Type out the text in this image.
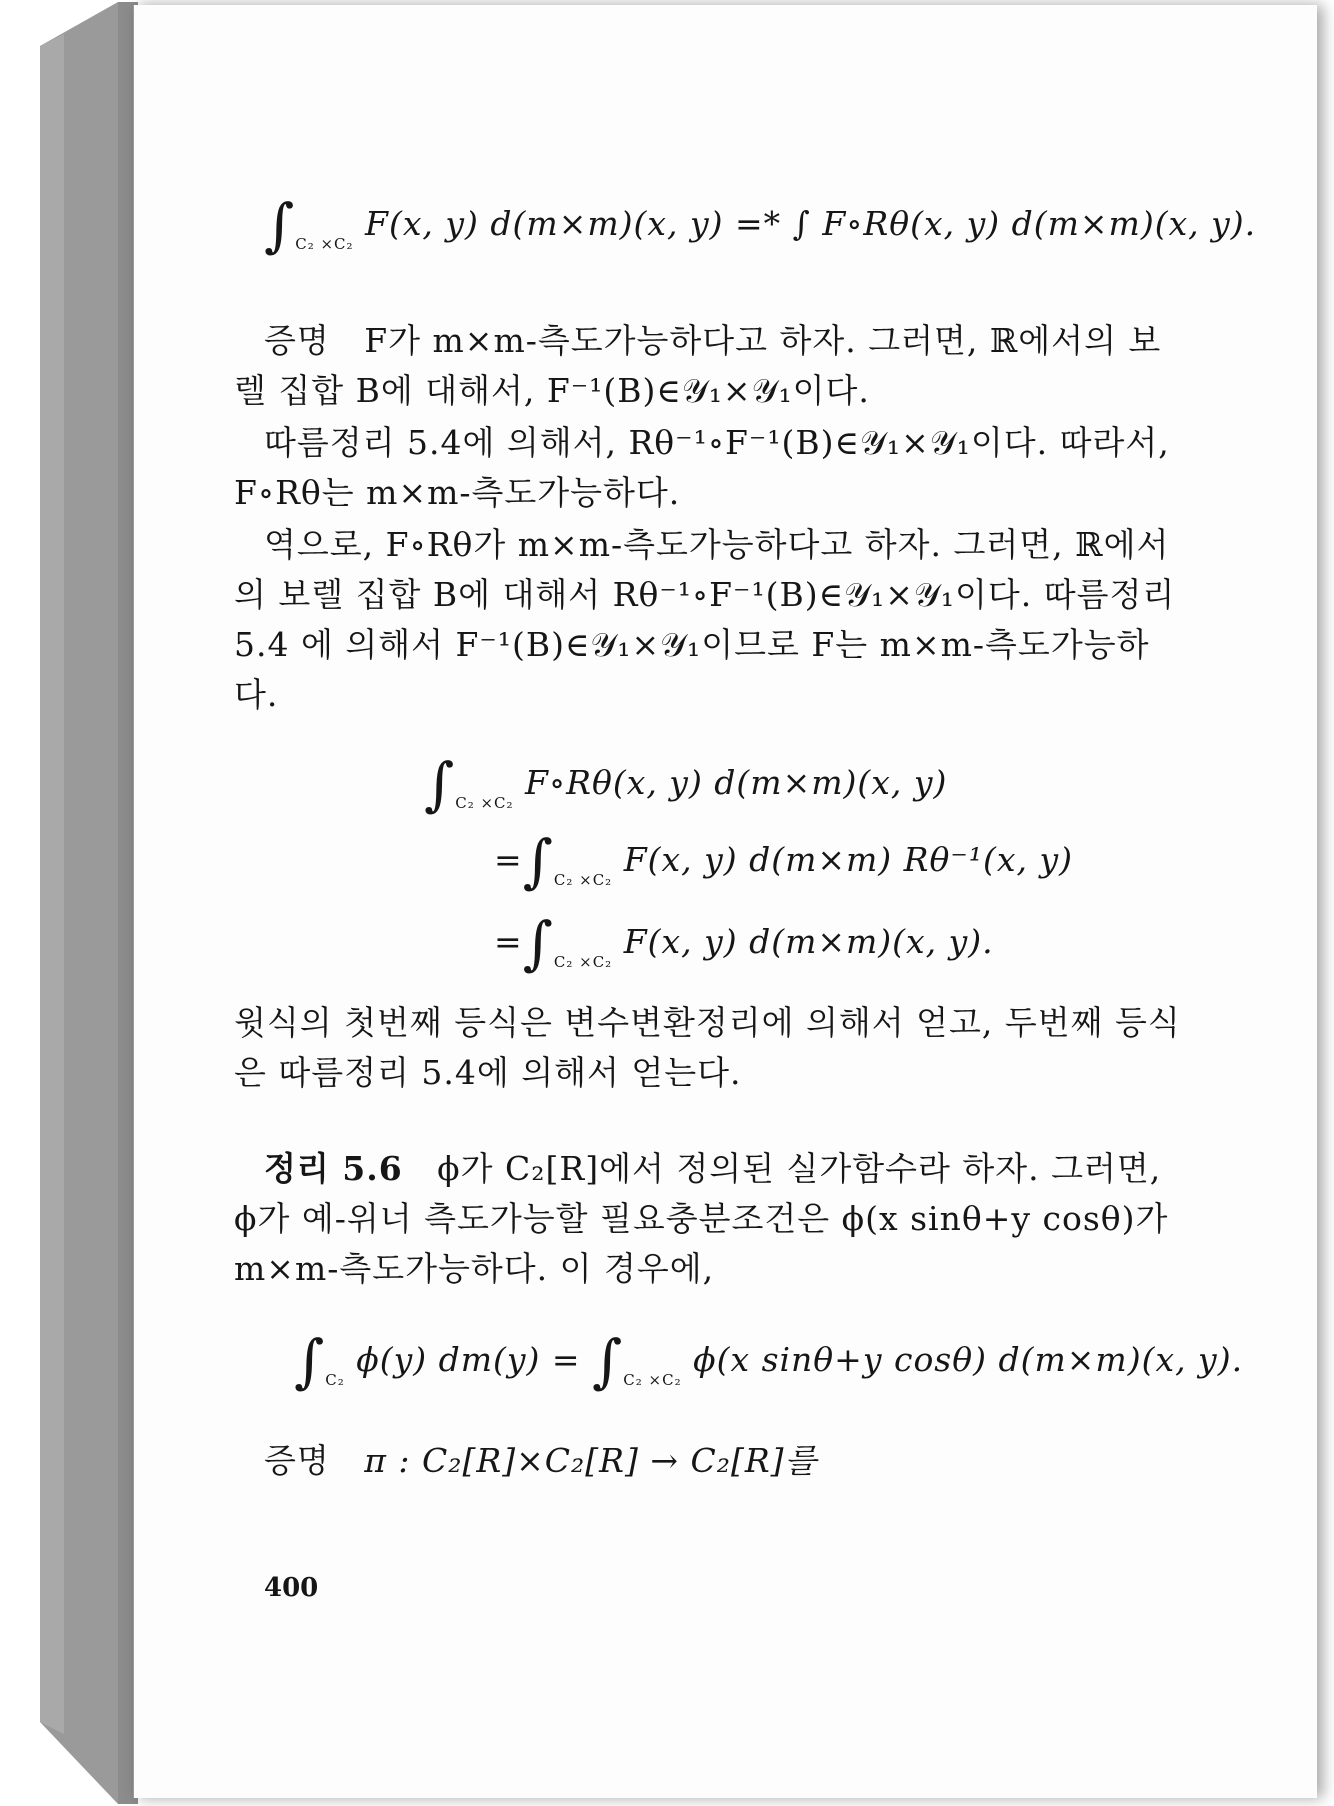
$\int_{C_2 \times C_2}$ F(x, y) d(m×m)(x, y) =* ∫ F∘Rθ(x, y) d(m×m)(x, y).
증명 F가 m×m-측도가능하다고 하자. 그러면, ℝ에서의 보
렐 집합 B에 대해서, F⁻¹(B)∈𝒴₁×𝒴₁이다.
따름정리 5.4에 의해서, Rθ⁻¹∘F⁻¹(B)∈𝒴₁×𝒴₁이다. 따라서,
F∘Rθ는 m×m-측도가능하다.
역으로, F∘Rθ가 m×m-측도가능하다고 하자. 그러면, ℝ에서
의 보렐 집합 B에 대해서 Rθ⁻¹∘F⁻¹(B)∈𝒴₁×𝒴₁이다. 따름정리
5.4 에 의해서 F⁻¹(B)∈𝒴₁×𝒴₁이므로 F는 m×m-측도가능하
다.
$\int_{C_2 \times C_2}$ F∘Rθ(x, y) d(m×m)(x, y)
$=\int_{C_2 \times C_2}$ F(x, y) d(m×m) Rθ⁻¹(x, y)
$=\int_{C_2 \times C_2}$ F(x, y) d(m×m)(x, y).
윗식의 첫번째 등식은 변수변환정리에 의해서 얻고, 두번째 등식
은 따름정리 5.4에 의해서 얻는다.
정리 5.6 ϕ가 C₂[R]에서 정의된 실가함수라 하자. 그러면,
ϕ가 예-위너 측도가능할 필요충분조건은 ϕ(x sinθ+y cosθ)가
m×m-측도가능하다. 이 경우에,
$\int_{C_2}$ ϕ(y) $dm(y) = \int_{C_2 \times C_2}$ ϕ(x sinθ+y cosθ) d(m×m)(x, y).
증명 π : C₂[R]×C₂[R] → C₂[R]를
400
